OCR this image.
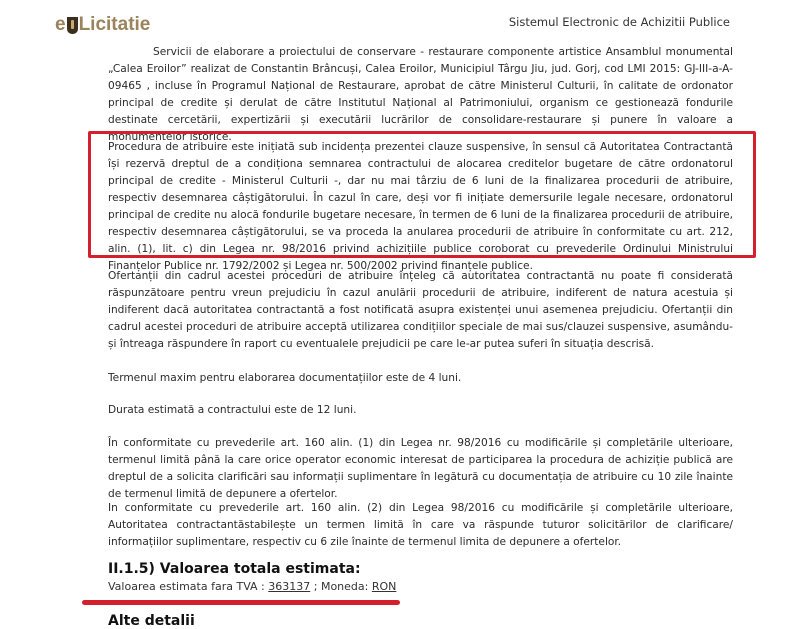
e Licitatie	Sistemul Electronic de Achizitii Publice

Servicii de elaborare a proiectului de conservare - restaurare componente artistice Ansamblul monumental „Calea Eroilor” realizat de Constantin Brâncuși, Calea Eroilor, Municipiul Târgu Jiu, jud. Gorj, cod LMI 2015: GJ-III-a-A-09465 , incluse în Programul Național de Restaurare, aprobat de către Ministerul Culturii, în calitate de ordonator principal de credite și derulat de către Institutul Național al Patrimoniului, organism ce gestionează fondurile destinate cercetării, expertizării și executării lucrărilor de consolidare-restaurare și punere în valoare a monumentelor istorice.

Procedura de atribuire este inițiată sub incidența prezentei clauze suspensive, în sensul că Autoritatea Contractantă își rezervă dreptul de a condiționa semnarea contractului de alocarea creditelor bugetare de către ordonatorul principal de credite - Ministerul Culturii -, dar nu mai târziu de 6 luni de la finalizarea procedurii de atribuire, respectiv desemnarea câștigătorului. În cazul în care, deși vor fi inițiate demersurile legale necesare, ordonatorul principal de credite nu alocă fondurile bugetare necesare, în termen de 6 luni de la finalizarea procedurii de atribuire, respectiv desemnarea câștigătorului, se va proceda la anularea procedurii de atribuire în conformitate cu art. 212, alin. (1), lit. c) din Legea nr. 98/2016 privind achizițiile publice coroborat cu prevederile Ordinului Ministrului Finanțelor Publice nr. 1792/2002 și Legea nr. 500/2002 privind finanțele publice.

Ofertanții din cadrul acestei proceduri de atribuire înțeleg că autoritatea contractantă nu poate fi considerată răspunzătoare pentru vreun prejudiciu în cazul anulării procedurii de atribuire, indiferent de natura acestuia și indiferent dacă autoritatea contractantă a fost notificată asupra existenței unui asemenea prejudiciu. Ofertanții din cadrul acestei proceduri de atribuire acceptă utilizarea condițiilor speciale de mai sus/clauzei suspensive, asumându-și întreaga răspundere în raport cu eventualele prejudicii pe care le-ar putea suferi în situația descrisă.

Termenul maxim pentru elaborarea documentațiilor este de 4 luni.

Durata estimată a contractului este de 12 luni.

În conformitate cu prevederile art. 160 alin. (1) din Legea nr. 98/2016 cu modificările și completările ulterioare, termenul limită până la care orice operator economic interesat de participarea la procedura de achiziție publică are dreptul de a solicita clarificări sau informații suplimentare în legătură cu documentația de atribuire cu 10 zile înainte de termenul limită de depunere a ofertelor.

In conformitate cu prevederile art. 160 alin. (2) din Legea 98/2016 cu modificările și completările ulterioare, Autoritatea contractantăstabilește un termen limită în care va răspunde tuturor solicitărilor de clarificare/ informațiilor suplimentare, respectiv cu 6 zile înainte de termenul limita de depunere a ofertelor.

II.1.5) Valoarea totala estimata:
Valoarea estimata fara TVA : 363137 ; Moneda: RON
Alte detalii
